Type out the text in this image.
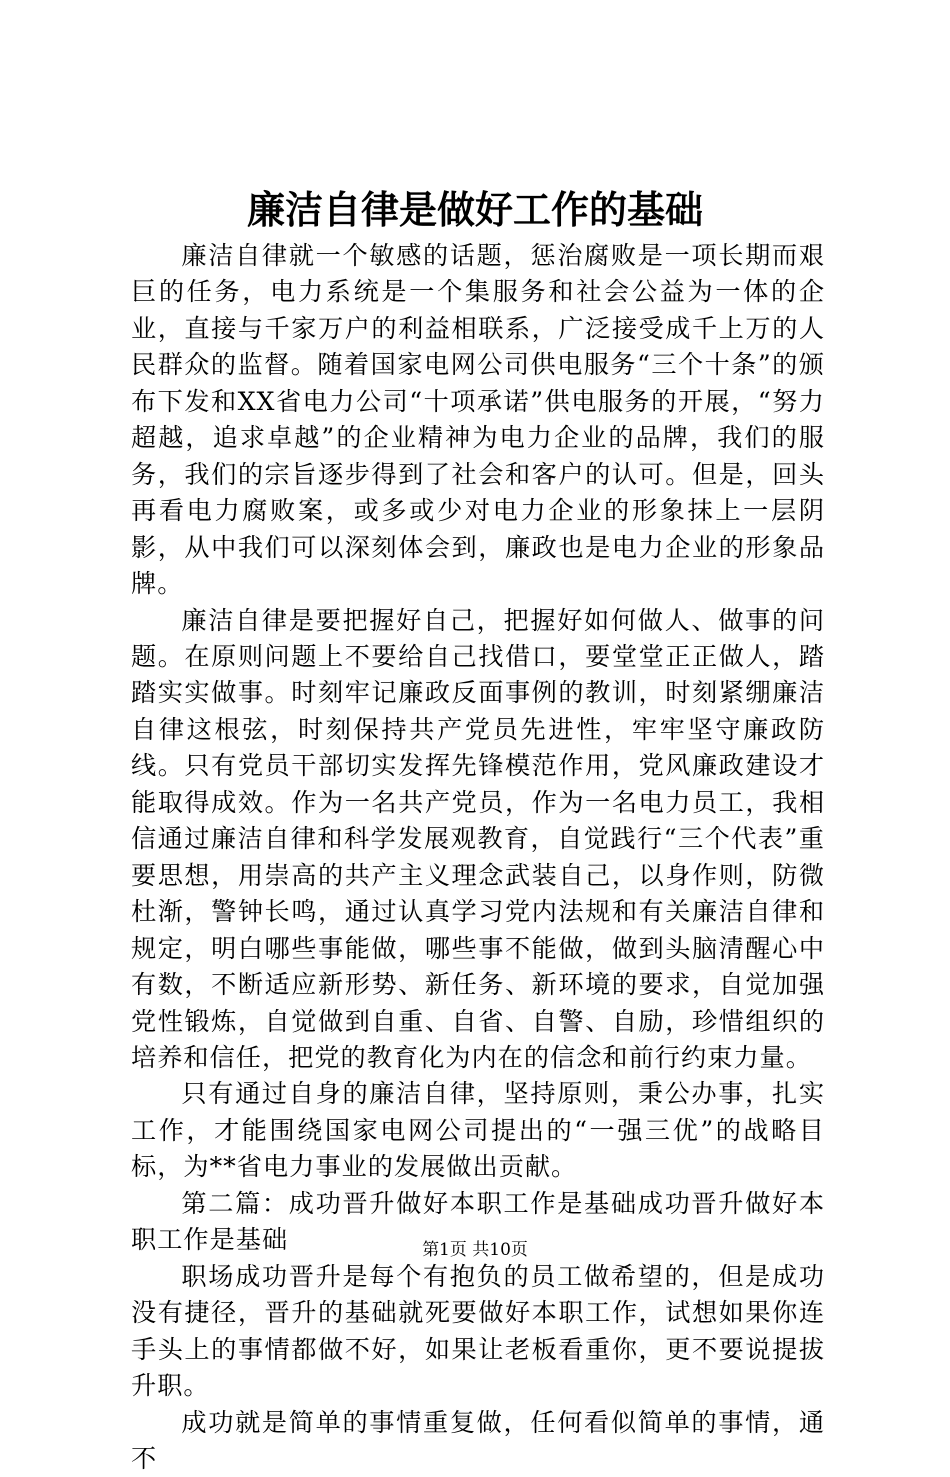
廉洁自律是做好工作的基础

廉洁自律就一个敏感的话题，惩治腐败是一项长期而艰巨的任务，电力系统是一个集服务和社会公益为一体的企业，直接与千家万户的利益相联系，广泛接受成千上万的人民群众的监督。随着国家电网公司供电服务“三个十条”的颁布下发和XX省电力公司“十项承诺”供电服务的开展，“努力超越，追求卓越”的企业精神为电力企业的品牌，我们的服务，我们的宗旨逐步得到了社会和客户的认可。但是，回头再看电力腐败案，或多或少对电力企业的形象抹上一层阴影，从中我们可以深刻体会到，廉政也是电力企业的形象品牌。

廉洁自律是要把握好自己，把握好如何做人、做事的问题。在原则问题上不要给自己找借口，要堂堂正正做人，踏踏实实做事。时刻牢记廉政反面事例的教训，时刻紧绷廉洁自律这根弦，时刻保持共产党员先进性，牢牢坚守廉政防线。只有党员干部切实发挥先锋模范作用，党风廉政建设才能取得成效。作为一名共产党员，作为一名电力员工，我相信通过廉洁自律和科学发展观教育，自觉践行“三个代表”重要思想，用崇高的共产主义理念武装自己，以身作则，防微杜渐，警钟长鸣，通过认真学习党内法规和有关廉洁自律和规定，明白哪些事能做，哪些事不能做，做到头脑清醒心中有数，不断适应新形势、新任务、新环境的要求，自觉加强党性锻炼，自觉做到自重、自省、自警、自励，珍惜组织的培养和信任，把党的教育化为内在的信念和前行约束力量。

只有通过自身的廉洁自律，坚持原则，秉公办事，扎实工作，才能围绕国家电网公司提出的“一强三优”的战略目标，为**省电力事业的发展做出贡献。

第二篇：成功晋升做好本职工作是基础成功晋升做好本职工作是基础

职场成功晋升是每个有抱负的员工做希望的，但是成功没有捷径，晋升的基础就死要做好本职工作，试想如果你连手头上的事情都做不好，如果让老板看重你，更不要说提拔升职。

成功就是简单的事情重复做，任何看似简单的事情，通不

第1页 共10页
